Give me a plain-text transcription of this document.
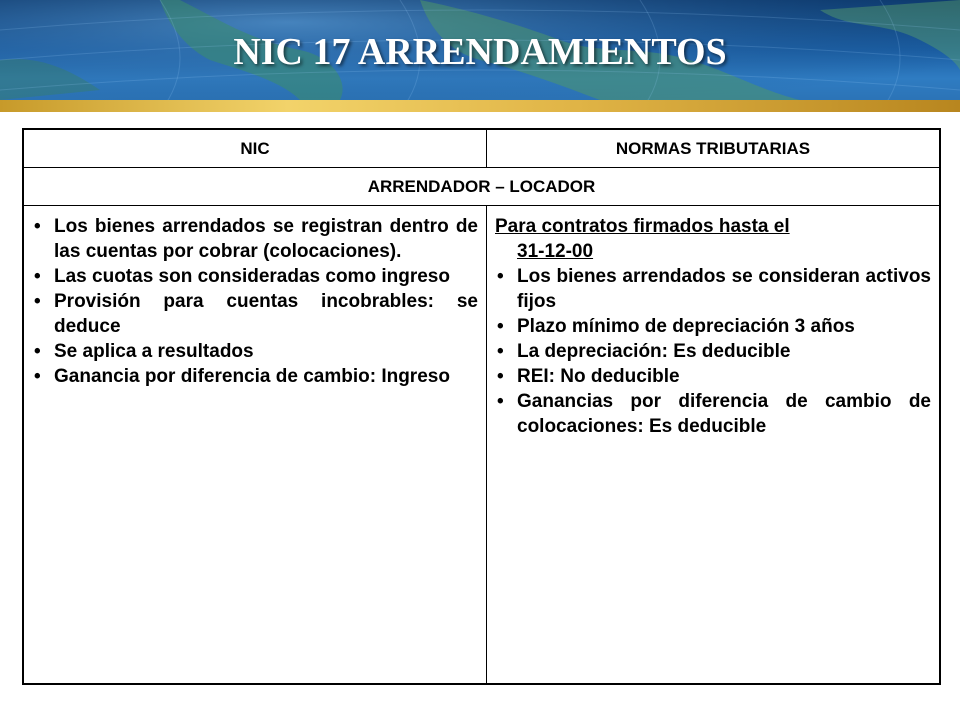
NIC 17 ARRENDAMIENTOS
NIC	NORMAS TRIBUTARIAS
ARRENDADOR – LOCADOR
• Los bienes arrendados se registran dentro de las cuentas por cobrar (colocaciones).
• Las cuotas son consideradas como ingreso
• Provisión para cuentas incobrables: se deduce
• Se aplica a resultados
• Ganancia por diferencia de cambio: Ingreso
Para contratos firmados hasta el
31-12-00
• Los bienes arrendados se consideran activos fijos
• Plazo mínimo de depreciación 3 años
• La depreciación: Es deducible
• REI: No deducible
• Ganancias por diferencia de cambio de colocaciones: Es deducible
